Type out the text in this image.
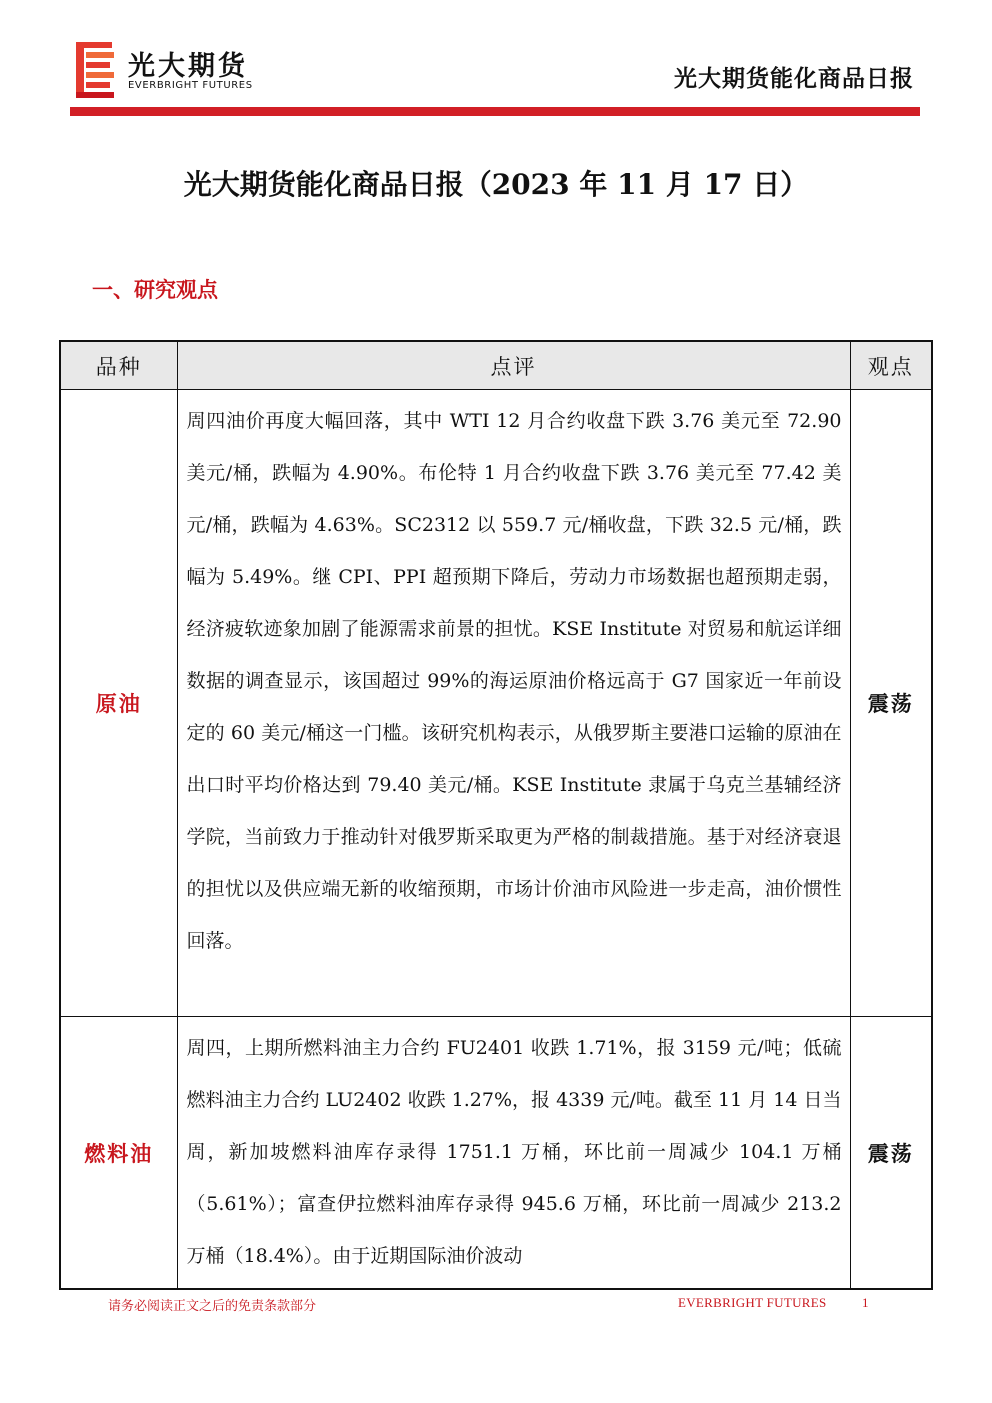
光大期货
EVERBRIGHT FUTURES	光大期货能化商品日报
光大期货能化商品日报（2023 年 11 月 17 日）
一、研究观点
品种	点评	观点
原油	周四油价再度大幅回落，其中 WTI 12 月合约收盘下跌 3.76 美元至 72.90 美元/桶，跌幅为 4.90%。布伦特 1 月合约收盘下跌 3.76 美元至 77.42 美元/桶，跌幅为 4.63%。SC2312 以 559.7 元/桶收盘，下跌 32.5 元/桶，跌幅为 5.49%。继 CPI、PPI 超预期下降后，劳动力市场数据也超预期走弱，经济疲软迹象加剧了能源需求前景的担忧。KSE Institute 对贸易和航运详细数据的调查显示，该国超过 99%的海运原油价格远高于 G7 国家近一年前设定的 60 美元/桶这一门槛。该研究机构表示，从俄罗斯主要港口运输的原油在出口时平均价格达到 79.40 美元/桶。KSE Institute 隶属于乌克兰基辅经济学院，当前致力于推动针对俄罗斯采取更为严格的制裁措施。基于对经济衰退的担忧以及供应端无新的收缩预期，市场计价油市风险进一步走高，油价惯性回落。	震荡
燃料油	周四，上期所燃料油主力合约 FU2401 收跌 1.71%，报 3159 元/吨；低硫燃料油主力合约 LU2402 收跌 1.27%，报 4339 元/吨。截至 11 月 14 日当周，新加坡燃料油库存录得 1751.1 万桶，环比前一周减少 104.1 万桶（5.61%）；富查伊拉燃料油库存录得 945.6 万桶，环比前一周减少 213.2 万桶（18.4%）。由于近期国际油价波动	震荡
请务必阅读正文之后的免责条款部分	EVERBRIGHT FUTURES	1
